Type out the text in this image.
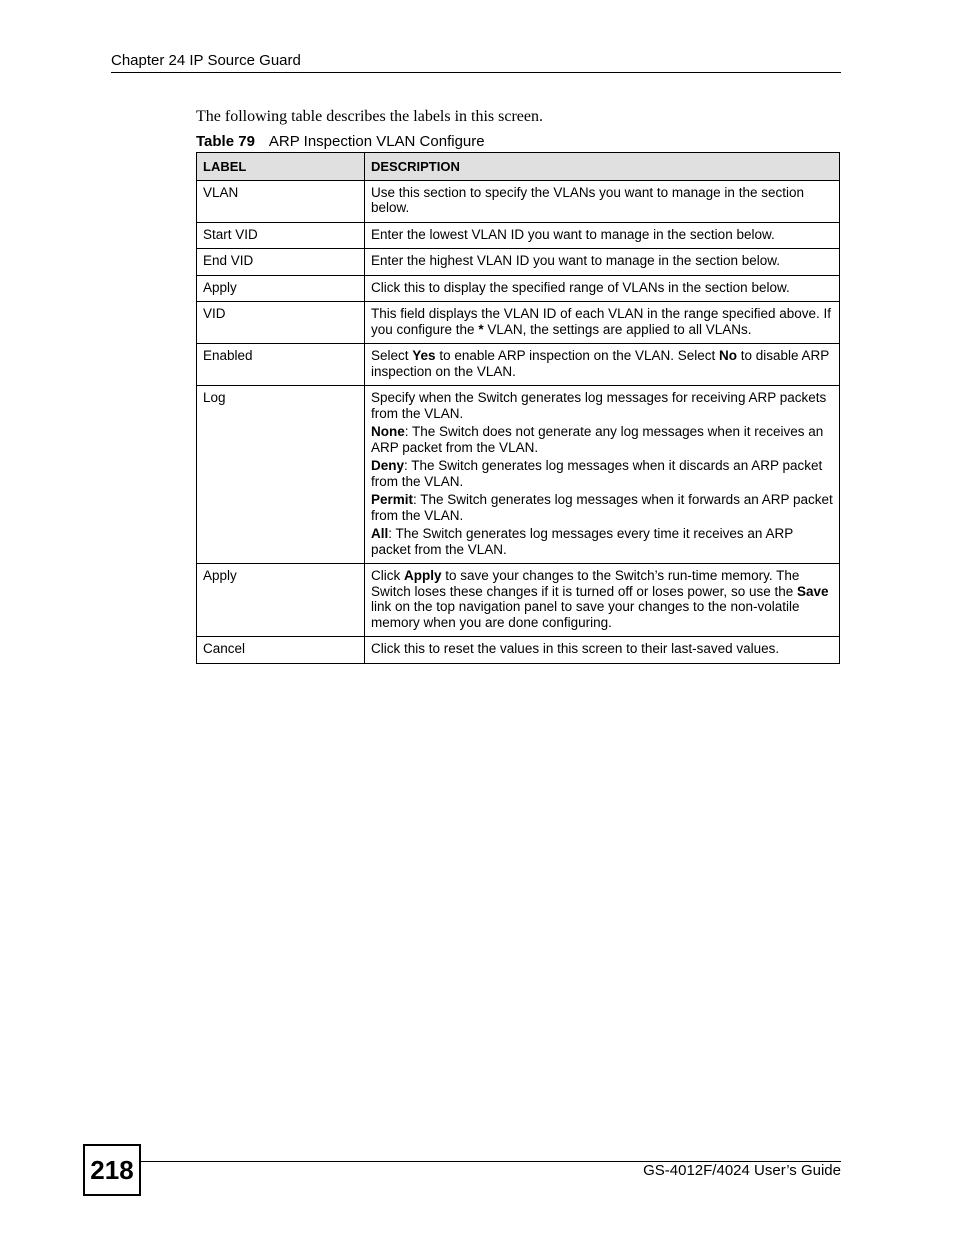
Chapter 24 IP Source Guard
The following table describes the labels in this screen.
Table 79 ARP Inspection VLAN Configure
LABEL	DESCRIPTION
VLAN	Use this section to specify the VLANs you want to manage in the section below.

Start VID	Enter the lowest VLAN ID you want to manage in the section below.

End VID	Enter the highest VLAN ID you want to manage in the section below.

Apply	Click this to display the specified range of VLANs in the section below.

VID	This field displays the VLAN ID of each VLAN in the range specified above. If you configure the * VLAN, the settings are applied to all VLANs.

Enabled	Select Yes to enable ARP inspection on the VLAN. Select No to disable ARP inspection on the VLAN.

Log	Specify when the Switch generates log messages for receiving ARP packets from the VLAN.

None: The Switch does not generate any log messages when it receives an ARP packet from the VLAN.

Deny: The Switch generates log messages when it discards an ARP packet from the VLAN.

Permit: The Switch generates log messages when it forwards an ARP packet from the VLAN.

All: The Switch generates log messages every time it receives an ARP packet from the VLAN.

Apply	Click Apply to save your changes to the Switch’s run-time memory. The Switch loses these changes if it is turned off or loses power, so use the Save link on the top navigation panel to save your changes to the non-volatile memory when you are done configuring.

Cancel	Click this to reset the values in this screen to their last-saved values.

218	GS-4012F/4024 User’s Guide
